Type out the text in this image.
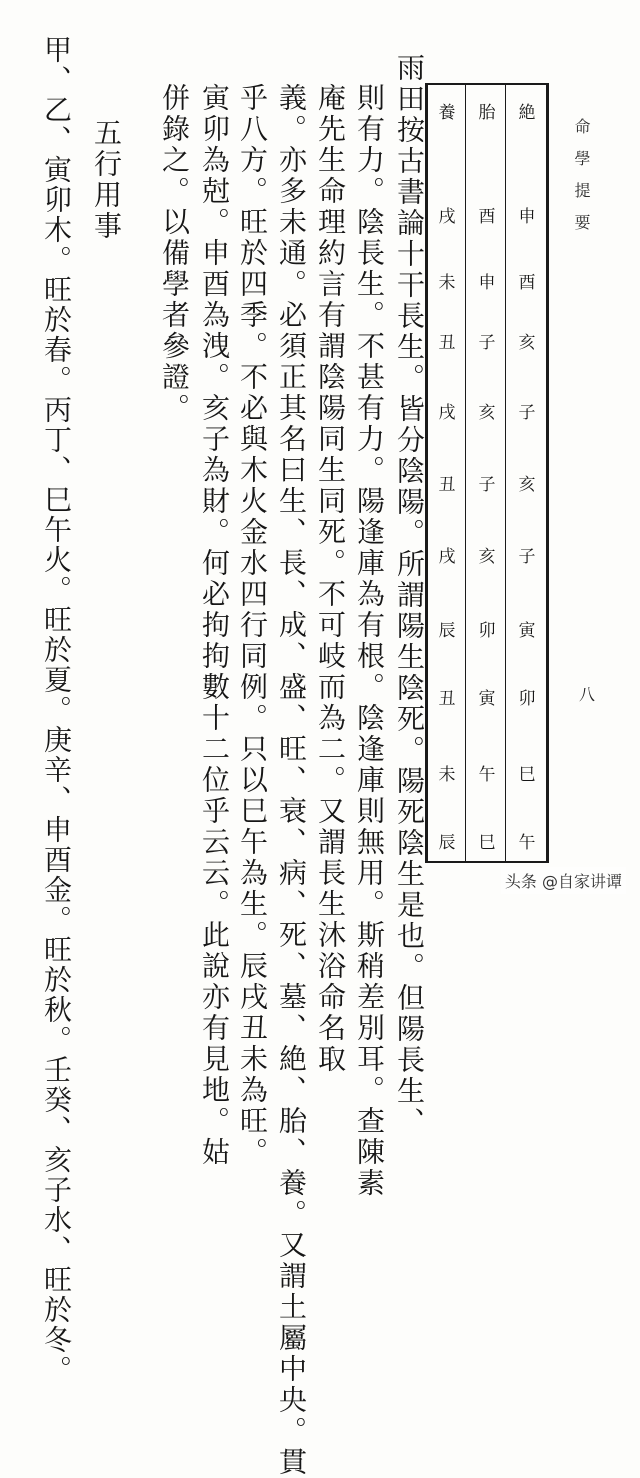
命學提要
八
絶
申
酉
亥
子
亥
子
寅
卯
巳
午
胎
酉
申
子
亥
子
亥
卯
寅
午
巳
養
戌
未
丑
戌
丑
戌
辰
丑
未
辰
雨田按古書論十干長生。皆分陰陽。所謂陽生陰死。陽死陰生是也。但陽長生、
則有力。陰長生。不甚有力。陽逢庫為有根。陰逢庫則無用。斯稍差別耳。查陳素
庵先生命理約言有謂陰陽同生同死。不可岐而為二。又謂長生沐浴命名取
義。亦多未通。必須正其名曰生、長、成、盛、旺、衰、病、死、墓、絶、胎、養。又謂土屬中央。貫
乎八方。旺於四季。不必與木火金水四行同例。只以巳午為生。辰戌丑未為旺。
寅卯為尅。申酉為洩。亥子為財。何必拘拘數十二位乎云云。此說亦有見地。姑
併錄之。以備學者參證。
五行用事
甲、乙、寅卯木。旺於春。丙丁、巳午火。旺於夏。庚辛、申酉金。旺於秋。壬癸、亥子水、旺於冬。	头条 @自家讲谭
